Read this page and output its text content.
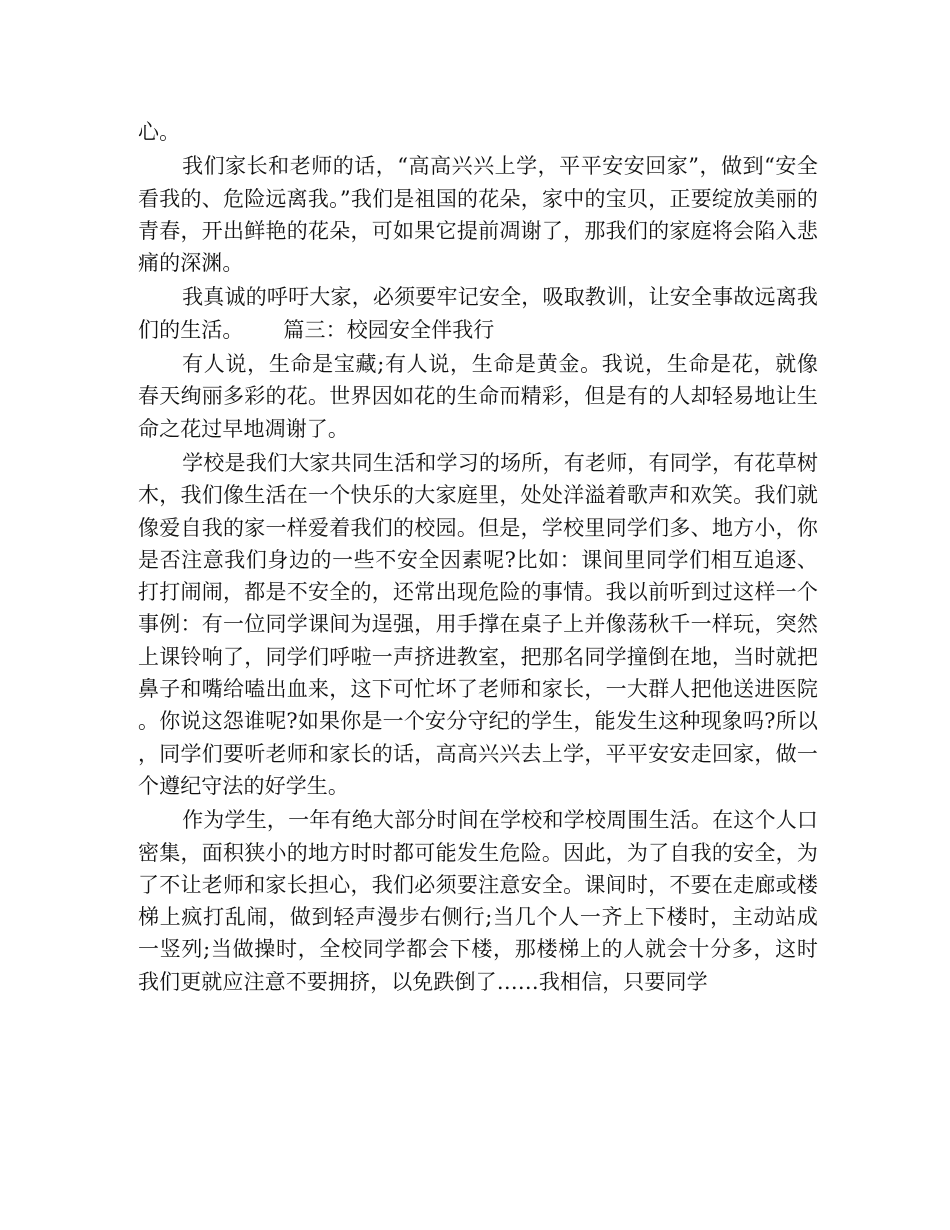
心。

我们家长和老师的话，“高高兴兴上学，平平安安回家”，做到“安全看我的、危险远离我。”我们是祖国的花朵，家中的宝贝，正要绽放美丽的青春，开出鲜艳的花朵，可如果它提前凋谢了，那我们的家庭将会陷入悲痛的深渊。

我真诚的呼吁大家，必须要牢记安全，吸取教训，让安全事故远离我们的生活。 篇三：校园安全伴我行

有人说，生命是宝藏;有人说，生命是黄金。我说，生命是花，就像春天绚丽多彩的花。世界因如花的生命而精彩，但是有的人却轻易地让生命之花过早地凋谢了。

学校是我们大家共同生活和学习的场所，有老师，有同学，有花草树木，我们像生活在一个快乐的大家庭里，处处洋溢着歌声和欢笑。我们就像爱自我的家一样爱着我们的校园。但是，学校里同学们多、地方小，你是否注意我们身边的一些不安全因素呢?比如：课间里同学们相互追逐、打打闹闹，都是不安全的，还常出现危险的事情。我以前听到过这样一个事例：有一位同学课间为逞强，用手撑在桌子上并像荡秋千一样玩，突然上课铃响了，同学们呼啦一声挤进教室，把那名同学撞倒在地，当时就把鼻子和嘴给嗑出血来，这下可忙坏了老师和家长，一大群人把他送进医院。你说这怨谁呢?如果你是一个安分守纪的学生，能发生这种现象吗?所以，同学们要听老师和家长的话，高高兴兴去上学，平平安安走回家，做一个遵纪守法的好学生。

作为学生，一年有绝大部分时间在学校和学校周围生活。在这个人口密集，面积狭小的地方时时都可能发生危险。因此，为了自我的安全，为了不让老师和家长担心，我们必须要注意安全。课间时，不要在走廊或楼梯上疯打乱闹，做到轻声漫步右侧行;当几个人一齐上下楼时，主动站成一竖列;当做操时，全校同学都会下楼，那楼梯上的人就会十分多，这时我们更就应注意不要拥挤，以免跌倒了……我相信，只要同学
